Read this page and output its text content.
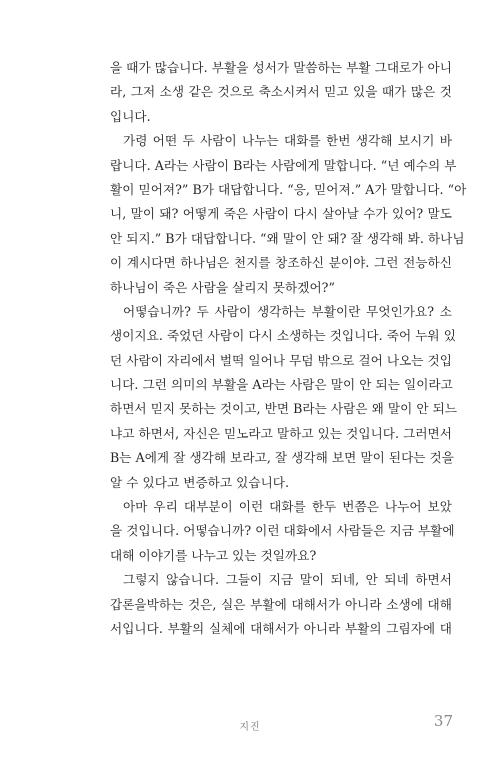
을 때가 많습니다. 부활을 성서가 말씀하는 부활 그대로가 아니
라, 그저 소생 같은 것으로 축소시켜서 믿고 있을 때가 많은 것
입니다.
가령 어떤 두 사람이 나누는 대화를 한번 생각해 보시기 바
랍니다. A라는 사람이 B라는 사람에게 말합니다. “넌 예수의 부
활이 믿어져?” B가 대답합니다. “응, 믿어져.” A가 말합니다. “아
니, 말이 돼? 어떻게 죽은 사람이 다시 살아날 수가 있어? 말도
안 되지.” B가 대답합니다. “왜 말이 안 돼? 잘 생각해 봐. 하나님
이 계시다면 하나님은 천지를 창조하신 분이야. 그런 전능하신
하나님이 죽은 사람을 살리지 못하겠어?”
어떻습니까? 두 사람이 생각하는 부활이란 무엇인가요? 소
생이지요. 죽었던 사람이 다시 소생하는 것입니다. 죽어 누워 있
던 사람이 자리에서 벌떡 일어나 무덤 밖으로 걸어 나오는 것입
니다. 그런 의미의 부활을 A라는 사람은 말이 안 되는 일이라고
하면서 믿지 못하는 것이고, 반면 B라는 사람은 왜 말이 안 되느
냐고 하면서, 자신은 믿노라고 말하고 있는 것입니다. 그러면서
B는 A에게 잘 생각해 보라고, 잘 생각해 보면 말이 된다는 것을
알 수 있다고 변증하고 있습니다.
아마 우리 대부분이 이런 대화를 한두 번쯤은 나누어 보았
을 것입니다. 어떻습니까? 이런 대화에서 사람들은 지금 부활에
대해 이야기를 나누고 있는 것일까요?
그렇지 않습니다. 그들이 지금 말이 되네, 안 되네 하면서
갑론을박하는 것은, 실은 부활에 대해서가 아니라 소생에 대해
서입니다. 부활의 실체에 대해서가 아니라 부활의 그림자에 대
지진	37
